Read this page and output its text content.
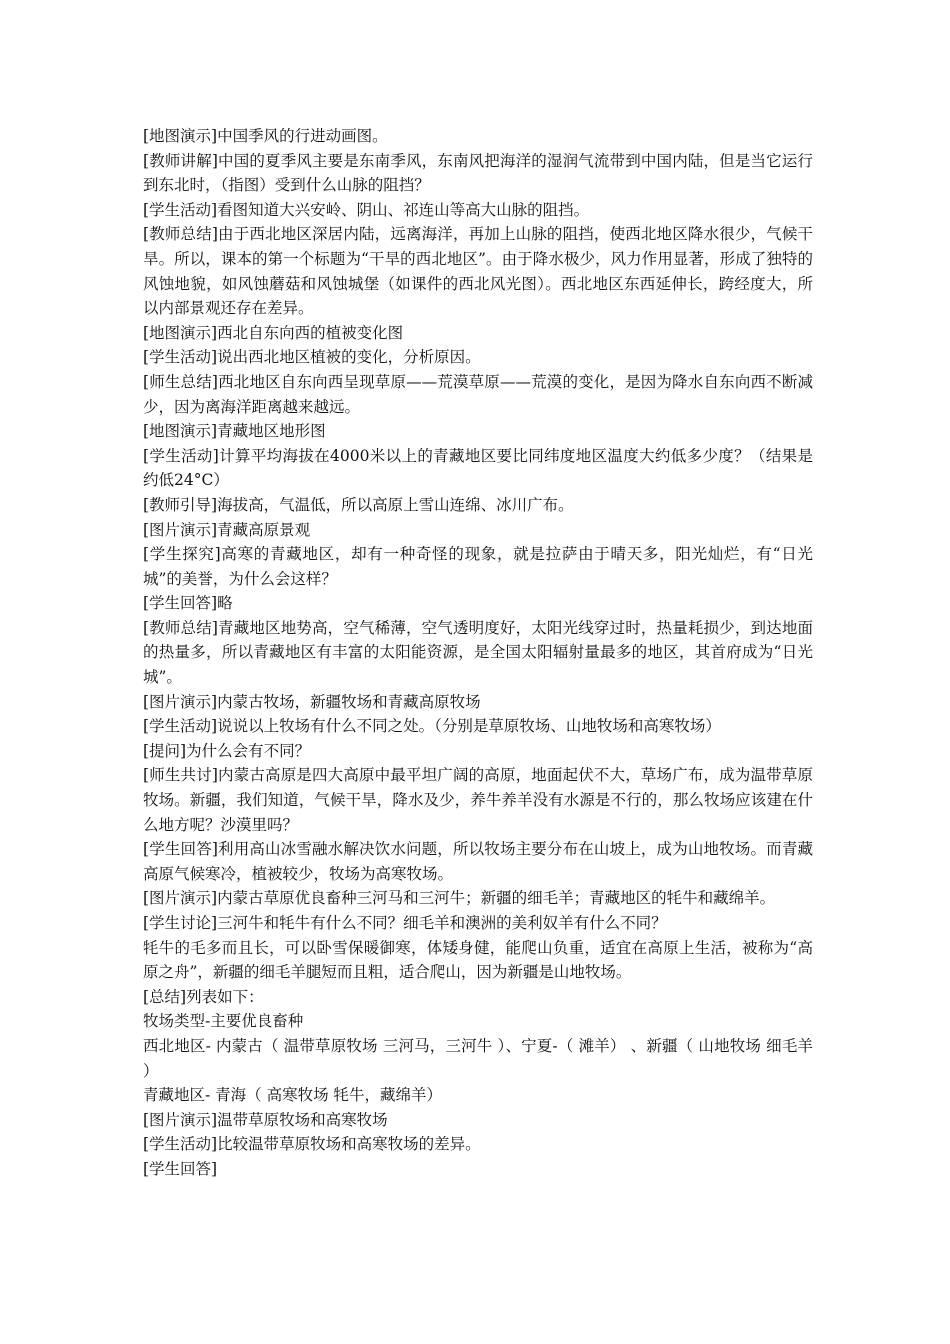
[地图演示]中国季风的行进动画图。

[教师讲解]中国的夏季风主要是东南季风，东南风把海洋的湿润气流带到中国内陆，但是当它运行到东北时，（指图）受到什么山脉的阻挡？

[学生活动]看图知道大兴安岭、阴山、祁连山等高大山脉的阻挡。

[教师总结]由于西北地区深居内陆，远离海洋，再加上山脉的阻挡，使西北地区降水很少，气候干旱。所以，课本的第一个标题为“干旱的西北地区”。由于降水极少，风力作用显著，形成了独特的风蚀地貌，如风蚀蘑菇和风蚀城堡（如课件的西北风光图）。西北地区东西延伸长，跨经度大，所以内部景观还存在差异。

[地图演示]西北自东向西的植被变化图

[学生活动]说出西北地区植被的变化，分析原因。

[师生总结]西北地区自东向西呈现草原——荒漠草原——荒漠的变化，是因为降水自东向西不断减少，因为离海洋距离越来越远。

[地图演示]青藏地区地形图

[学生活动]计算平均海拔在4000米以上的青藏地区要比同纬度地区温度大约低多少度？（结果是约低24°C）

[教师引导]海拔高，气温低，所以高原上雪山连绵、冰川广布。

[图片演示]青藏高原景观

[学生探究]高寒的青藏地区，却有一种奇怪的现象，就是拉萨由于晴天多，阳光灿烂，有“日光城”的美誉，为什么会这样？

[学生回答]略

[教师总结]青藏地区地势高，空气稀薄，空气透明度好，太阳光线穿过时，热量耗损少，到达地面的热量多，所以青藏地区有丰富的太阳能资源，是全国太阳辐射量最多的地区，其首府成为“日光城”。

[图片演示]内蒙古牧场，新疆牧场和青藏高原牧场

[学生活动]说说以上牧场有什么不同之处。（分别是草原牧场、山地牧场和高寒牧场）

[提问]为什么会有不同？

[师生共讨]内蒙古高原是四大高原中最平坦广阔的高原，地面起伏不大，草场广布，成为温带草原牧场。新疆，我们知道，气候干旱，降水及少，养牛养羊没有水源是不行的，那么牧场应该建在什么地方呢？沙漠里吗？

[学生回答]利用高山冰雪融水解决饮水问题，所以牧场主要分布在山坡上，成为山地牧场。而青藏高原气候寒冷，植被较少，牧场为高寒牧场。

[图片演示]内蒙古草原优良畜种三河马和三河牛；新疆的细毛羊；青藏地区的牦牛和藏绵羊。

[学生讨论]三河牛和牦牛有什么不同？细毛羊和澳洲的美利奴羊有什么不同？

牦牛的毛多而且长，可以卧雪保暖御寒，体矮身健，能爬山负重，适宜在高原上生活，被称为“高原之舟”，新疆的细毛羊腿短而且粗，适合爬山，因为新疆是山地牧场。

[总结]列表如下：

牧场类型-主要优良畜种

西北地区- 内蒙古（ 温带草原牧场 三河马，三河牛 ）、宁夏-（ 滩羊） 、新疆（ 山地牧场 细毛羊 ）

青藏地区- 青海（ 高寒牧场 牦牛，藏绵羊）

[图片演示]温带草原牧场和高寒牧场

[学生活动]比较温带草原牧场和高寒牧场的差异。

[学生回答]
